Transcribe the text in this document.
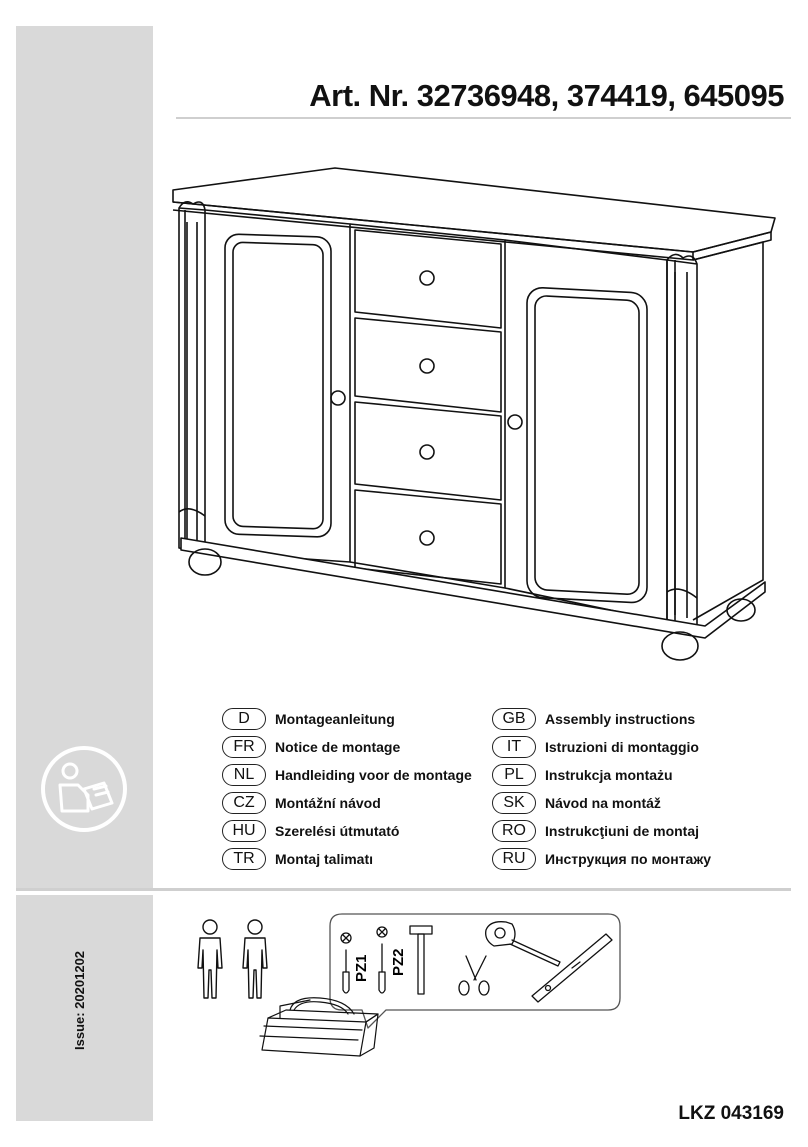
Art. Nr. 32736948, 374419, 645095
D	Montageanleitung
FR	Notice de montage
NL	Handleiding voor de montage
CZ	Montážní návod
HU	Szerelési útmutató
TR	Montaj talimatı
GB	Assembly instructions
IT	Istruzioni di montaggio
PL	Instrukcja montażu
SK	Návod na montáž
RO	Instrukcţiuni de montaj
RU	Инструкция по монтажу
Issue: 20201202	PZ1 PZ2
LKZ 043169
